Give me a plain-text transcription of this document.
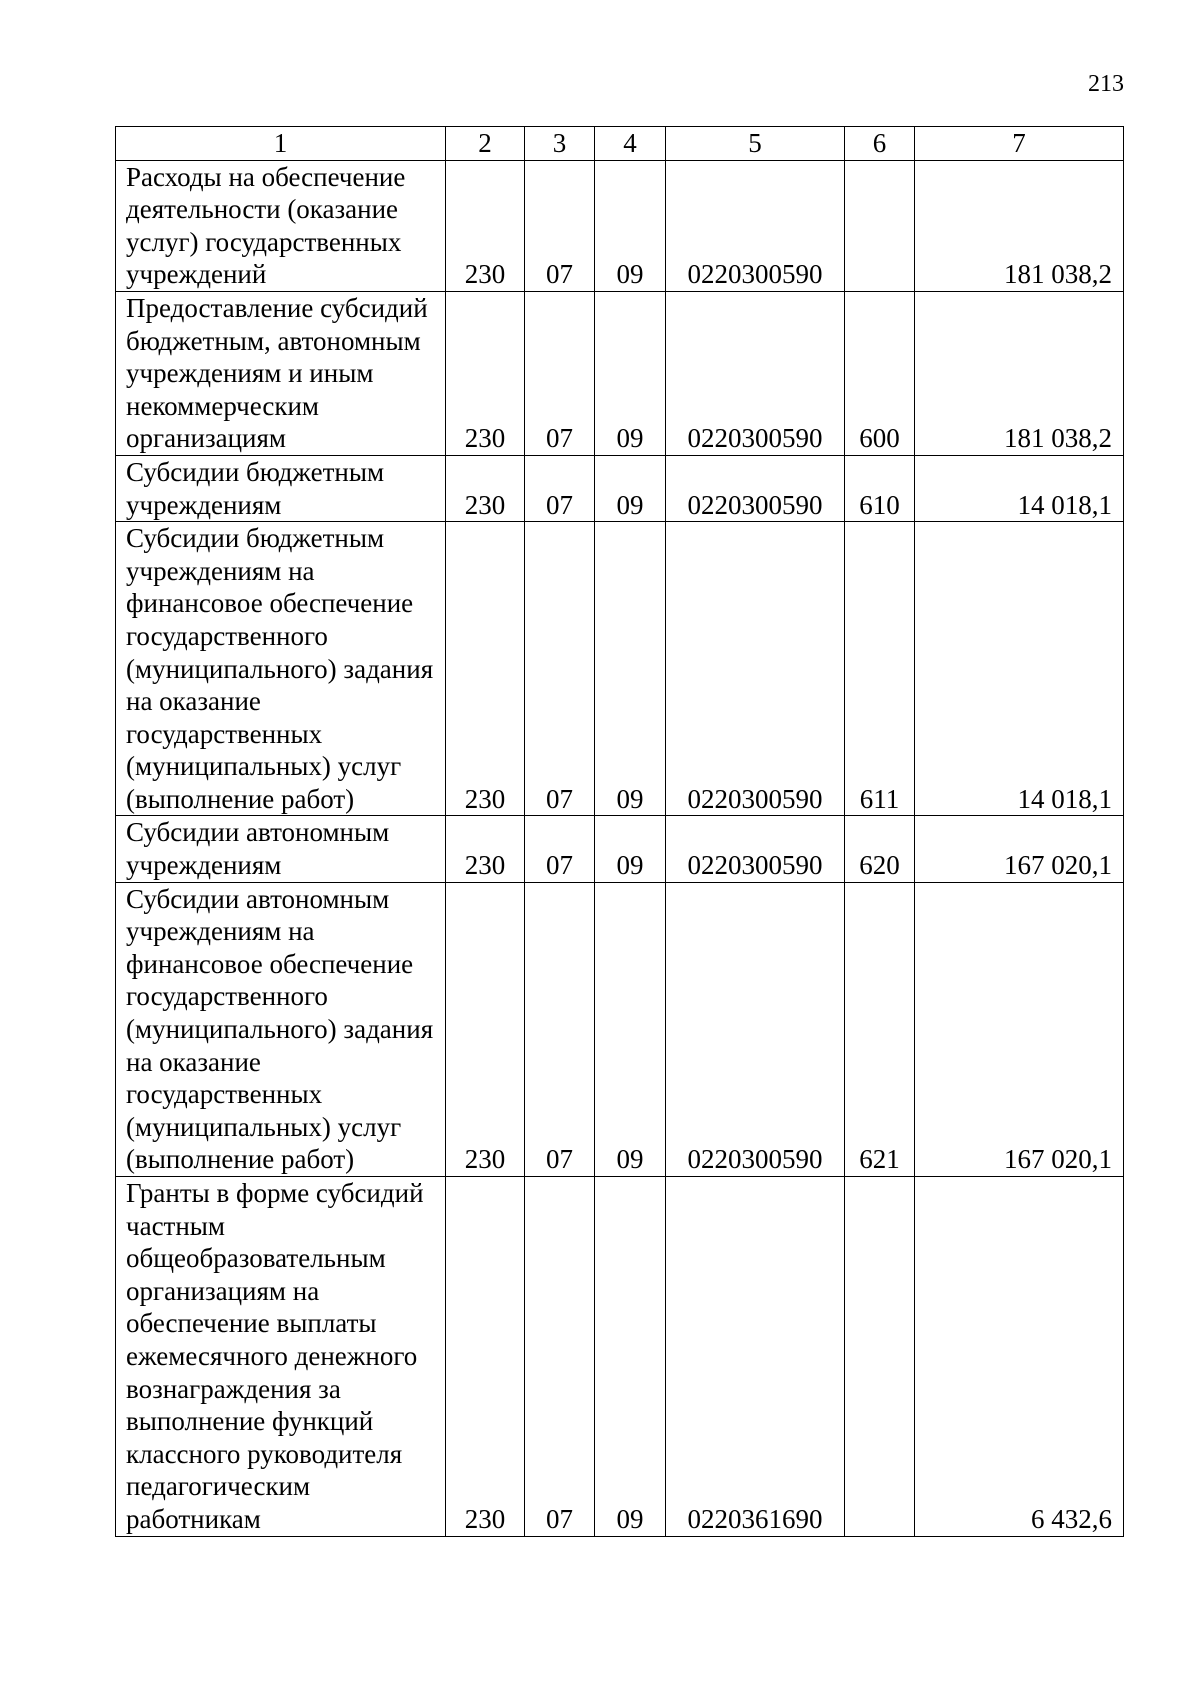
213
1	2	3	4	5	6	7
Расходы на обеспечение деятельности (оказание услуг) государственных учреждений	230	07	09	0220300590		181 038,2
Предоставление субсидий бюджетным, автономным учреждениям и иным некоммерческим организациям	230	07	09	0220300590	600	181 038,2
Субсидии бюджетным учреждениям	230	07	09	0220300590	610	14 018,1
Субсидии бюджетным учреждениям на финансовое обеспечение государственного (муниципального) задания на оказание государственных (муниципальных) услуг (выполнение работ)	230	07	09	0220300590	611	14 018,1
Субсидии автономным учреждениям	230	07	09	0220300590	620	167 020,1
Субсидии автономным учреждениям на финансовое обеспечение государственного (муниципального) задания на оказание государственных (муниципальных) услуг (выполнение работ)	230	07	09	0220300590	621	167 020,1
Гранты в форме субсидий частным общеобразовательным организациям на обеспечение выплаты ежемесячного денежного вознаграждения за выполнение функций классного руководителя педагогическим работникам	230	07	09	0220361690		6 432,6
